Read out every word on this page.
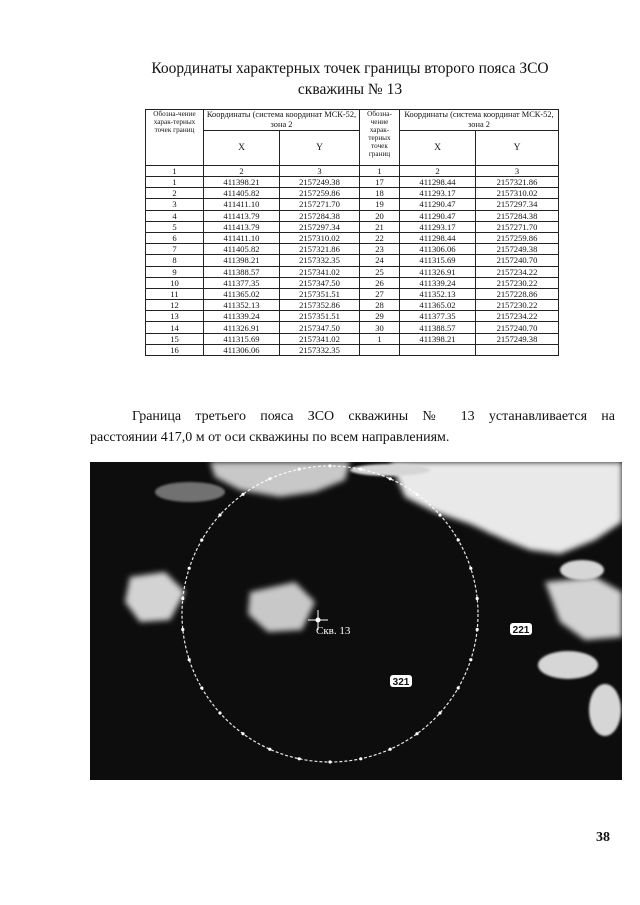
Координаты характерных точек границы второго пояса ЗСО
скважины № 13
Обозна-чение харак-терных точек границ	Координаты (система координат МСК-52, зона 2		Обозна-чение харак-терных точек границ	Координаты (система координат МСК-52, зона 2	
	X	Y		X	Y
1	2	3	1	2	3
1	411398.21	2157249.38	17	411298.44	2157321.86
2	411405.82	2157259.86	18	411293.17	2157310.02
3	411411.10	2157271.70	19	411290.47	2157297.34
4	411413.79	2157284.38	20	411290.47	2157284.38
5	411413.79	2157297.34	21	411293.17	2157271.70
6	411411.10	2157310.02	22	411298.44	2157259.86
7	411405.82	2157321.86	23	411306.06	2157249.38
8	411398.21	2157332.35	24	411315.69	2157240.70
9	411388.57	2157341.02	25	411326.91	2157234.22
10	411377.35	2157347.50	26	411339.24	2157230.22
11	411365.02	2157351.51	27	411352.13	2157228.86
12	411352.13	2157352.86	28	411365.02	2157230.22
13	411339.24	2157351.51	29	411377.35	2157234.22
14	411326.91	2157347.50	30	411388.57	2157240.70
15	411315.69	2157341.02	1	411398.21	2157249.38
16	411306.06	2157332.35			
Граница третьего пояса ЗСО скважины № 13 устанавливается на
расстоянии 417,0 м от оси скважины по всем направлениям.
Скв. 13	221
321
38
